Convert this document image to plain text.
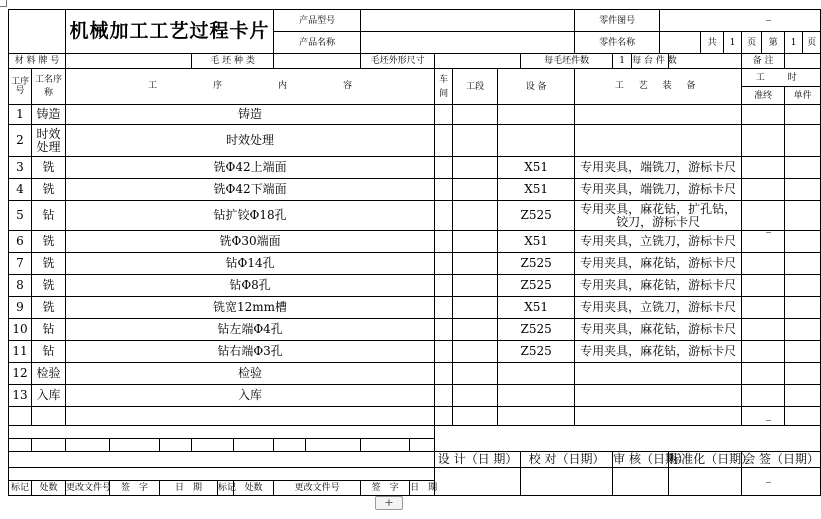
		机械加工工艺过程卡片						产品型号								零件图号										
								产品名称								零件名称					共	1	页	第	1	页
材 料 牌 号					毛 坯 种 类					毛坯外形尺寸					每毛坯件数		1	每 台 件 数					备 注			
工序号	工名序称	工 序 内 容										车间	工段	设 备		工 艺 装 备							工 时			
																							准终		单件	
1	铸造	铸造																								
2	时效处理	时效处理																								
3	铣	铣Φ42上端面												X51		专用夹具，端铣刀，游标卡尺										
4	铣	铣Φ42下端面												X51		专用夹具，端铣刀，游标卡尺										
5	钻	钻扩铰Φ18孔												Z525		专用夹具，麻花钻，扩孔钻，铰刀，游标卡尺										
6	铣	铣Φ30端面												X51		专用夹具，立铣刀，游标卡尺										
7	铣	钻Φ14孔												Z525		专用夹具，麻花钻，游标卡尺										
8	铣	钻Φ8孔												Z525		专用夹具，麻花钻，游标卡尺										
9	铣	铣宽12mm槽												X51		专用夹具，立铣刀，游标卡尺										
10	钻	钻左端Φ4孔												Z525		专用夹具，麻花钻，游标卡尺										
11	钻	钻右端Φ3孔												Z525		专用夹具，麻花钻，游标卡尺										
12	检验	检验																								
13	入库	入库																								

												设 计（日 期）			校 对（日期）		审 核（日期）			标准化（日期）			会 签（日期）			

标记	处数	更改文件号	签　字	日　期		标记	处数	更改文件号		签　字	日　期															
+
